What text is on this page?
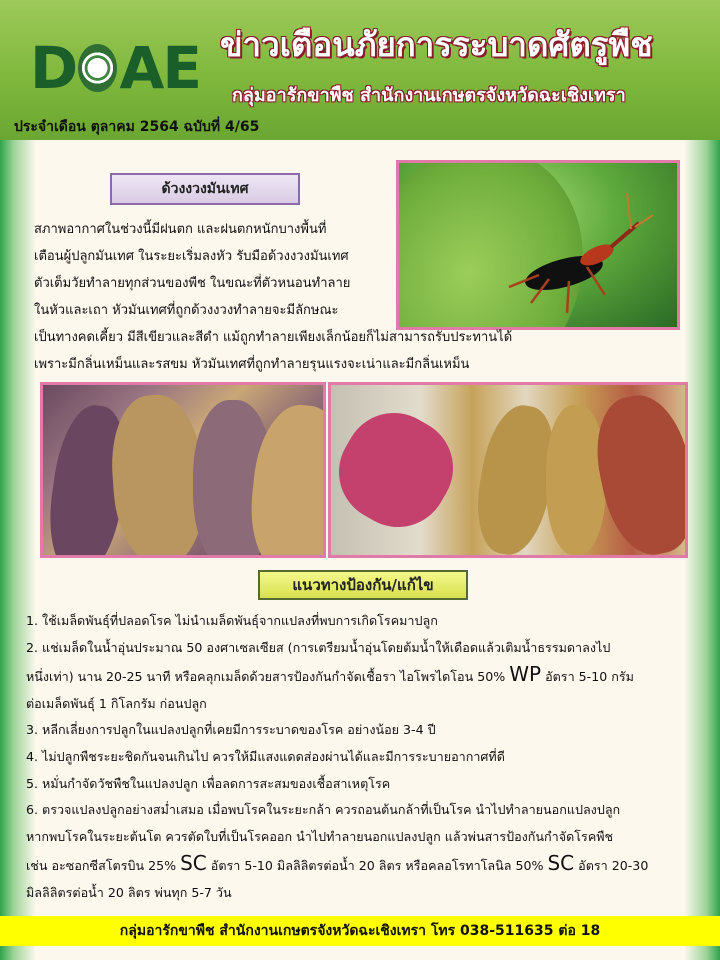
D AE ข่าวเตือนภัยการระบาดศัตรูพืช
กลุ่มอารักขาพืช สำนักงานเกษตรจังหวัดฉะเชิงเทรา
ประจำเดือน ตุลาคม 2564 ฉบับที่ 4/65
ด้วงงวงมันเทศ
สภาพอากาศในช่วงนี้มีฝนตก และฝนตกหนักบางพื้นที่
เตือนผู้ปลูกมันเทศ ในระยะเริ่มลงหัว รับมือด้วงงวงมันเทศ
ตัวเต็มวัยทำลายทุกส่วนของพืช ในขณะที่ตัวหนอนทำลาย
ในหัวและเถา หัวมันเทศที่ถูกด้วงงวงทำลายจะมีลักษณะ
เป็นทางคดเคี้ยว มีสีเขียวและสีดำ แม้ถูกทำลายเพียงเล็กน้อยก็ไม่สามารถรับประทานได้
เพราะมีกลิ่นเหม็นและรสขม หัวมันเทศที่ถูกทำลายรุนแรงจะเน่าและมีกลิ่นเหม็น
แนวทางป้องกัน/แก้ไข
1. ใช้เมล็ดพันธุ์ที่ปลอดโรค ไม่นำเมล็ดพันธุ์จากแปลงที่พบการเกิดโรคมาปลูก
2. แช่เมล็ดในน้ำอุ่นประมาณ 50 องศาเซลเซียส (การเตรียมน้ำอุ่นโดยต้มน้ำให้เดือดแล้วเติมน้ำธรรมดาลงไป
หนึ่งเท่า) นาน 20-25 นาที หรือคลุกเมล็ดด้วยสารป้องกันกำจัดเชื้อรา ไอโพรไดโอน 50% WP อัตรา 5-10 กรัม
ต่อเมล็ดพันธุ์ 1 กิโลกรัม ก่อนปลูก
3. หลีกเลี่ยงการปลูกในแปลงปลูกที่เคยมีการระบาดของโรค อย่างน้อย 3-4 ปี
4. ไม่ปลูกพืชระยะชิดกันจนเกินไป ควรให้มีแสงแดดส่องผ่านได้และมีการระบายอากาศที่ดี
5. หมั่นกำจัดวัชพืชในแปลงปลูก เพื่อลดการสะสมของเชื้อสาเหตุโรค
6. ตรวจแปลงปลูกอย่างสม่ำเสมอ เมื่อพบโรคในระยะกล้า ควรถอนต้นกล้าที่เป็นโรค นำไปทำลายนอกแปลงปลูก
หากพบโรคในระยะต้นโต ควรตัดใบที่เป็นโรคออก นำไปทำลายนอกแปลงปลูก แล้วพ่นสารป้องกันกำจัดโรคพืช
เช่น อะซอกซีสโตรบิน 25% SC อัตรา 5-10 มิลลิลิตรต่อน้ำ 20 ลิตร หรือคลอโรทาโลนิล 50% SC อัตรา 20-30
มิลลิลิตรต่อน้ำ 20 ลิตร พ่นทุก 5-7 วัน
กลุ่มอารักขาพืช สำนักงานเกษตรจังหวัดฉะเชิงเทรา โทร 038-511635 ต่อ 18
